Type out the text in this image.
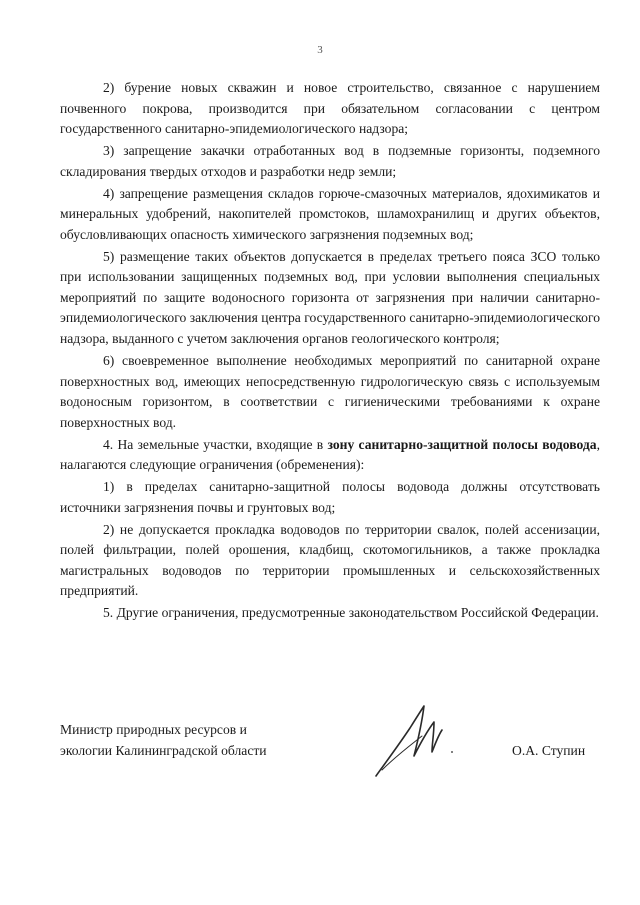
3

2) бурение новых скважин и новое строительство, связанное с нарушением почвенного покрова, производится при обязательном согласовании с центром государственного санитарно-эпидемиологического надзора;

3) запрещение закачки отработанных вод в подземные горизонты, подземного складирования твердых отходов и разработки недр земли;

4) запрещение размещения складов горюче-смазочных материалов, ядохимикатов и минеральных удобрений, накопителей промстоков, шламохранилищ и других объектов, обусловливающих опасность химического загрязнения подземных вод;

5) размещение таких объектов допускается в пределах третьего пояса ЗСО только при использовании защищенных подземных вод, при условии выполнения специальных мероприятий по защите водоносного горизонта от загрязнения при наличии санитарно-эпидемиологического заключения центра государственного санитарно-эпидемиологического надзора, выданного с учетом заключения органов геологического контроля;

6) своевременное выполнение необходимых мероприятий по санитарной охране поверхностных вод, имеющих непосредственную гидрологическую связь с используемым водоносным горизонтом, в соответствии с гигиеническими требованиями к охране поверхностных вод.

4. На земельные участки, входящие в зону санитарно-защитной полосы водовода, налагаются следующие ограничения (обременения):

1) в пределах санитарно-защитной полосы водовода должны отсутствовать источники загрязнения почвы и грунтовых вод;

2) не допускается прокладка водоводов по территории свалок, полей ассенизации, полей фильтрации, полей орошения, кладбищ, скотомогильников, а также прокладка магистральных водоводов по территории промышленных и сельскохозяйственных предприятий.

5. Другие ограничения, предусмотренные законодательством Российской Федерации.

Министр природных ресурсов и
экологии Калининградской области	О.А. Ступин
